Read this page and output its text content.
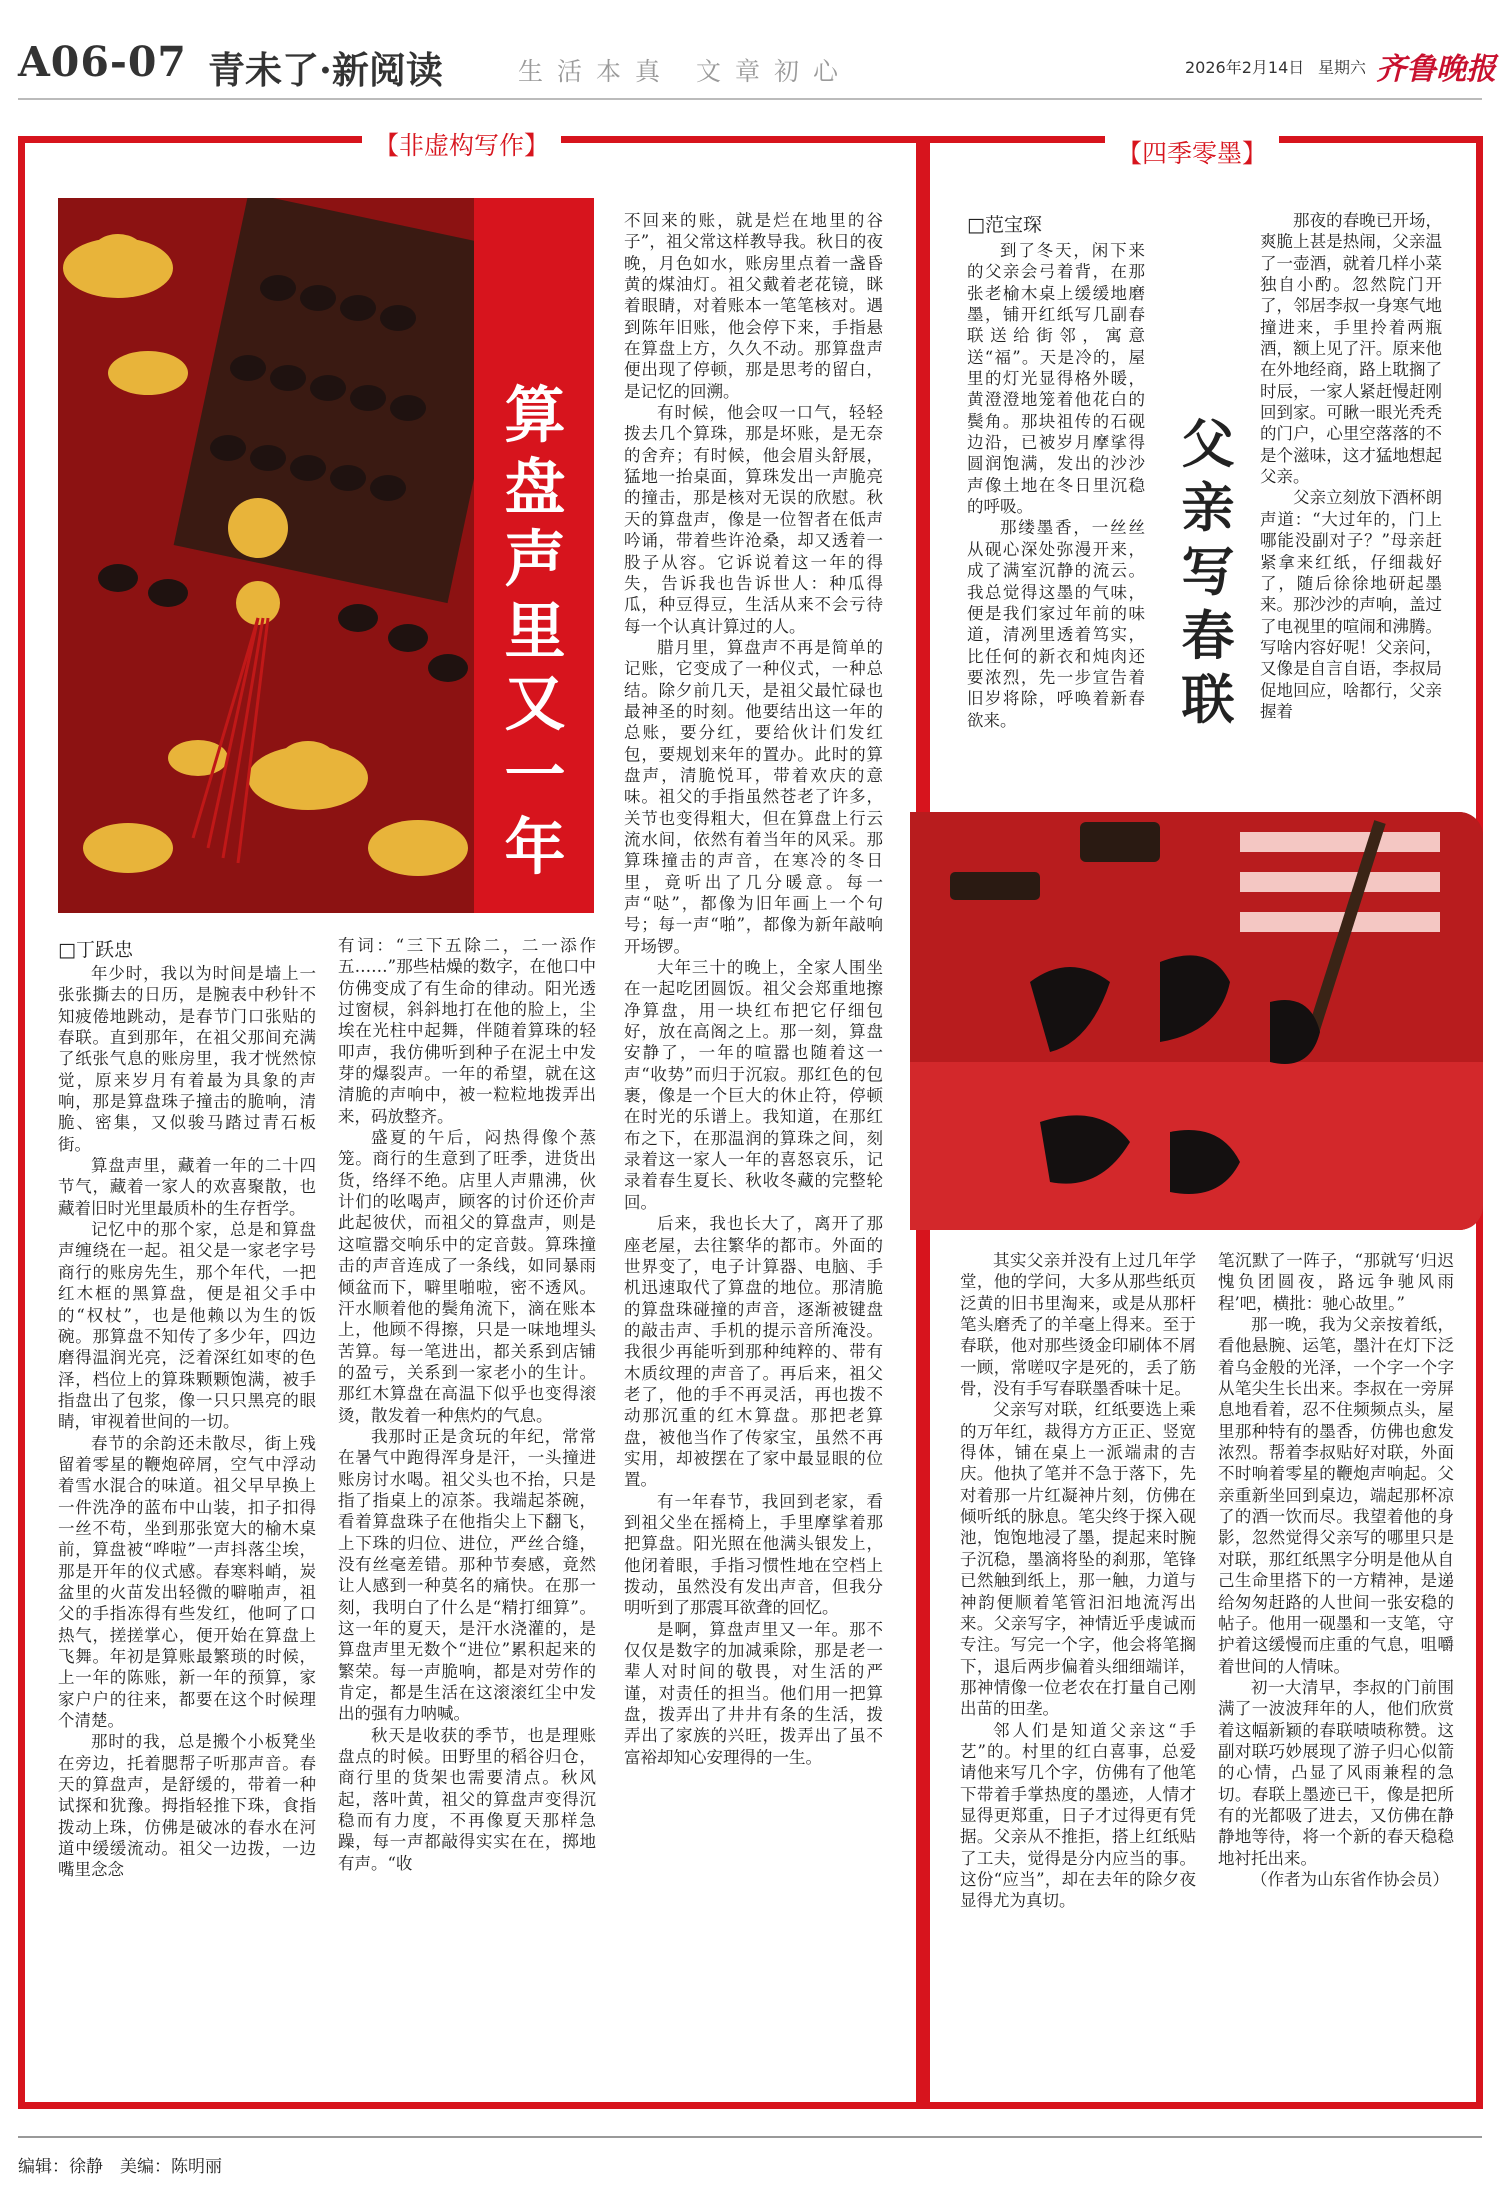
A06-07 青未了·新阅读	生活本真 文章初心	2026年2月14日 星期六 齐鲁晚报
【非虚构写作】	【四季零墨】
算盘声里又一年
□丁跃忠

年少时，我以为时间是墙上一张张撕去的日历，是腕表中秒针不知疲倦地跳动，是春节门口张贴的春联。直到那年，在祖父那间充满了纸张气息的账房里，我才恍然惊觉，原来岁月有着最为具象的声响，那是算盘珠子撞击的脆响，清脆、密集，又似骏马踏过青石板街。

算盘声里，藏着一年的二十四节气，藏着一家人的欢喜聚散，也藏着旧时光里最质朴的生存哲学。

记忆中的那个家，总是和算盘声缠绕在一起。祖父是一家老字号商行的账房先生，那个年代，一把红木框的黑算盘，便是祖父手中的“权杖”，也是他赖以为生的饭碗。那算盘不知传了多少年，四边磨得温润光亮，泛着深红如枣的色泽，档位上的算珠颗颗饱满，被手指盘出了包浆，像一只只黑亮的眼睛，审视着世间的一切。

春节的余韵还未散尽，街上残留着零星的鞭炮碎屑，空气中浮动着雪水混合的味道。祖父早早换上一件洗净的蓝布中山装，扣子扣得一丝不苟，坐到那张宽大的榆木桌前，算盘被“哗啦”一声抖落尘埃，那是开年的仪式感。春寒料峭，炭盆里的火苗发出轻微的噼啪声，祖父的手指冻得有些发红，他呵了口热气，搓搓掌心，便开始在算盘上飞舞。年初是算账最繁琐的时候，上一年的陈账，新一年的预算，家家户户的往来，都要在这个时候理个清楚。

那时的我，总是搬个小板凳坐在旁边，托着腮帮子听那声音。春天的算盘声，是舒缓的，带着一种试探和犹豫。拇指轻推下珠，食指拨动上珠，仿佛是破冰的春水在河道中缓缓流动。祖父一边拨，一边嘴里念念

有词：“三下五除二，二一添作五……”那些枯燥的数字，在他口中仿佛变成了有生命的律动。阳光透过窗棂，斜斜地打在他的脸上，尘埃在光柱中起舞，伴随着算珠的轻叩声，我仿佛听到种子在泥土中发芽的爆裂声。一年的希望，就在这清脆的声响中，被一粒粒地拨弄出来，码放整齐。

盛夏的午后，闷热得像个蒸笼。商行的生意到了旺季，进货出货，络绎不绝。店里人声鼎沸，伙计们的吆喝声，顾客的讨价还价声此起彼伏，而祖父的算盘声，则是这喧嚣交响乐中的定音鼓。算珠撞击的声音连成了一条线，如同暴雨倾盆而下，噼里啪啦，密不透风。汗水顺着他的鬓角流下，滴在账本上，他顾不得擦，只是一味地埋头苦算。每一笔进出，都关系到店铺的盈亏，关系到一家老小的生计。那红木算盘在高温下似乎也变得滚烫，散发着一种焦灼的气息。

我那时正是贪玩的年纪，常常在暑气中跑得浑身是汗，一头撞进账房讨水喝。祖父头也不抬，只是指了指桌上的凉茶。我端起茶碗，看着算盘珠子在他指尖上下翻飞，上下珠的归位、进位，严丝合缝，没有丝毫差错。那种节奏感，竟然让人感到一种莫名的痛快。在那一刻，我明白了什么是“精打细算”。这一年的夏天，是汗水浇灌的，是算盘声里无数个“进位”累积起来的繁荣。每一声脆响，都是对劳作的肯定，都是生活在这滚滚红尘中发出的强有力呐喊。

秋天是收获的季节，也是理账盘点的时候。田野里的稻谷归仓，商行里的货架也需要清点。秋风起，落叶黄，祖父的算盘声变得沉稳而有力度，不再像夏天那样急躁，每一声都敲得实实在在，掷地有声。“收

不回来的账，就是烂在地里的谷子”，祖父常这样教导我。秋日的夜晚，月色如水，账房里点着一盏昏黄的煤油灯。祖父戴着老花镜，眯着眼睛，对着账本一笔笔核对。遇到陈年旧账，他会停下来，手指悬在算盘上方，久久不动。那算盘声便出现了停顿，那是思考的留白，是记忆的回溯。

有时候，他会叹一口气，轻轻拨去几个算珠，那是坏账，是无奈的舍弃；有时候，他会眉头舒展，猛地一抬桌面，算珠发出一声脆亮的撞击，那是核对无误的欣慰。秋天的算盘声，像是一位智者在低声吟诵，带着些许沧桑，却又透着一股子从容。它诉说着这一年的得失，告诉我也告诉世人：种瓜得瓜，种豆得豆，生活从来不会亏待每一个认真计算过的人。

腊月里，算盘声不再是简单的记账，它变成了一种仪式，一种总结。除夕前几天，是祖父最忙碌也最神圣的时刻。他要结出这一年的总账，要分红，要给伙计们发红包，要规划来年的置办。此时的算盘声，清脆悦耳，带着欢庆的意味。祖父的手指虽然苍老了许多，关节也变得粗大，但在算盘上行云流水间，依然有着当年的风采。那算珠撞击的声音，在寒冷的冬日里，竟听出了几分暖意。每一声“哒”，都像为旧年画上一个句号；每一声“啪”，都像为新年敲响开场锣。

大年三十的晚上，全家人围坐在一起吃团圆饭。祖父会郑重地擦净算盘，用一块红布把它仔细包好，放在高阁之上。那一刻，算盘安静了，一年的喧嚣也随着这一声“收势”而归于沉寂。那红色的包裹，像是一个巨大的休止符，停顿在时光的乐谱上。我知道，在那红布之下，在那温润的算珠之间，刻录着这一家人一年的喜怒哀乐，记录着春生夏长、秋收冬藏的完整轮回。

后来，我也长大了，离开了那座老屋，去往繁华的都市。外面的世界变了，电子计算器、电脑、手机迅速取代了算盘的地位。那清脆的算盘珠碰撞的声音，逐渐被键盘的敲击声、手机的提示音所淹没。我很少再能听到那种纯粹的、带有木质纹理的声音了。再后来，祖父老了，他的手不再灵活，再也拨不动那沉重的红木算盘。那把老算盘，被他当作了传家宝，虽然不再实用，却被摆在了家中最显眼的位置。

有一年春节，我回到老家，看到祖父坐在摇椅上，手里摩挲着那把算盘。阳光照在他满头银发上，他闭着眼，手指习惯性地在空档上拨动，虽然没有发出声音，但我分明听到了那震耳欲聋的回忆。

是啊，算盘声里又一年。那不仅仅是数字的加减乘除，那是老一辈人对时间的敬畏，对生活的严谨，对责任的担当。他们用一把算盘，拨弄出了井井有条的生活，拨弄出了家族的兴旺，拨弄出了虽不富裕却知心安理得的一生。

□范宝琛

到了冬天，闲下来的父亲会弓着背，在那张老榆木桌上缓缓地磨墨，铺开红纸写几副春联送给街邻，寓意送“福”。天是冷的，屋里的灯光显得格外暖，黄澄澄地笼着他花白的鬓角。那块祖传的石砚边沿，已被岁月摩挲得圆润饱满，发出的沙沙声像土地在冬日里沉稳的呼吸。

那缕墨香，一丝丝从砚心深处弥漫开来，成了满室沉静的流云。我总觉得这墨的气味，便是我们家过年前的味道，清冽里透着笃实，比任何的新衣和炖肉还要浓烈，先一步宣告着旧岁将除，呼唤着新春欲来。

父亲写春联

那夜的春晚已开场，爽脆上甚是热闹，父亲温了一壶酒，就着几样小菜独自小酌。忽然院门开了，邻居李叔一身寒气地撞进来，手里拎着两瓶酒，额上见了汗。原来他在外地经商，路上耽搁了时辰，一家人紧赶慢赶刚回到家。可瞅一眼光秃秃的门户，心里空落落的不是个滋味，这才猛地想起父亲。

父亲立刻放下酒杯朗声道：“大过年的，门上哪能没副对子？”母亲赶紧拿来红纸，仔细裁好了，随后徐徐地研起墨来。那沙沙的声响，盖过了电视里的喧闹和沸腾。写啥内容好呢！父亲问，又像是自言自语，李叔局促地回应，啥都行，父亲握着

其实父亲并没有上过几年学堂，他的学问，大多从那些纸页泛黄的旧书里淘来，或是从那杆笔头磨秃了的羊毫上得来。至于春联，他对那些烫金印刷体不屑一顾，常嗟叹字是死的，丢了筋骨，没有手写春联墨香味十足。

父亲写对联，红纸要选上乘的万年红，裁得方方正正、竖宽得体，铺在桌上一派端肃的吉庆。他执了笔并不急于落下，先对着那一片红凝神片刻，仿佛在倾听纸的脉息。笔尖终于探入砚池，饱饱地浸了墨，提起来时腕子沉稳，墨滴将坠的刹那，笔锋已然触到纸上，那一触，力道与神韵便顺着笔管汩汩地流泻出来。父亲写字，神情近乎虔诚而专注。写完一个字，他会将笔搁下，退后两步偏着头细细端详，那神情像一位老农在打量自己刚出苗的田垄。

邻人们是知道父亲这“手艺”的。村里的红白喜事，总爱请他来写几个字，仿佛有了他笔下带着手掌热度的墨迹，人情才显得更郑重，日子才过得更有凭据。父亲从不推拒，搭上红纸贴了工夫，觉得是分内应当的事。这份“应当”，却在去年的除夕夜显得尤为真切。

笔沉默了一阵子，“那就写‘归迟愧负团圆夜，路远争驰风雨程’吧，横批：驰心故里。”

那一晚，我为父亲按着纸，看他悬腕、运笔，墨汁在灯下泛着乌金般的光泽，一个字一个字从笔尖生长出来。李叔在一旁屏息地看着，忍不住频频点头，屋里那种特有的墨香，仿佛也愈发浓烈。帮着李叔贴好对联，外面不时响着零星的鞭炮声响起。父亲重新坐回到桌边，端起那杯凉了的酒一饮而尽。我望着他的身影，忽然觉得父亲写的哪里只是对联，那红纸黑字分明是他从自己生命里搭下的一方精神，是递给匆匆赶路的人世间一张安稳的帖子。他用一砚墨和一支笔，守护着这缓慢而庄重的气息，咀嚼着世间的人情味。

初一大清早，李叔的门前围满了一波波拜年的人，他们欣赏着这幅新颖的春联啧啧称赞。这副对联巧妙展现了游子归心似箭的心情，凸显了风雨兼程的急切。春联上墨迹已干，像是把所有的光都吸了进去，又仿佛在静静地等待，将一个新的春天稳稳地衬托出来。

（作者为山东省作协会员）

编辑：徐静　美编：陈明丽
